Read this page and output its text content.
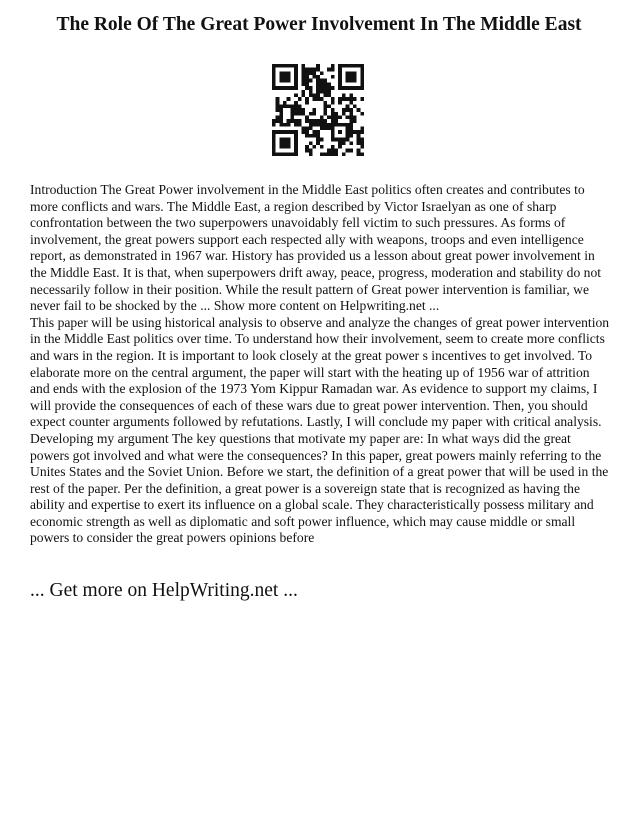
The Role Of The Great Power Involvement In The Middle East

Introduction The Great Power involvement in the Middle East politics often creates and contributes to more conflicts and wars. The Middle East, a region described by Victor Israelyan as one of sharp confrontation between the two superpowers unavoidably fell victim to such pressures. As forms of involvement, the great powers support each respected ally with weapons, troops and even intelligence report, as demonstrated in 1967 war. History has provided us a lesson about great power involvement in the Middle East. It is that, when superpowers drift away, peace, progress, moderation and stability do not necessarily follow in their position. While the result pattern of Great power intervention is familiar, we never fail to be shocked by the ... Show more content on Helpwriting.net ...

This paper will be using historical analysis to observe and analyze the changes of great power intervention in the Middle East politics over time. To understand how their involvement, seem to create more conflicts and wars in the region. It is important to look closely at the great power s incentives to get involved. To elaborate more on the central argument, the paper will start with the heating up of 1956 war of attrition and ends with the explosion of the 1973 Yom Kippur Ramadan war. As evidence to support my claims, I will provide the consequences of each of these wars due to great power intervention. Then, you should expect counter arguments followed by refutations. Lastly, I will conclude my paper with critical analysis. Developing my argument The key questions that motivate my paper are: In what ways did the great powers got involved and what were the consequences? In this paper, great powers mainly referring to the Unites States and the Soviet Union. Before we start, the definition of a great power that will be used in the rest of the paper. Per the definition, a great power is a sovereign state that is recognized as having the ability and expertise to exert its influence on a global scale. They characteristically possess military and economic strength as well as diplomatic and soft power influence, which may cause middle or small powers to consider the great powers opinions before

... Get more on HelpWriting.net ...
